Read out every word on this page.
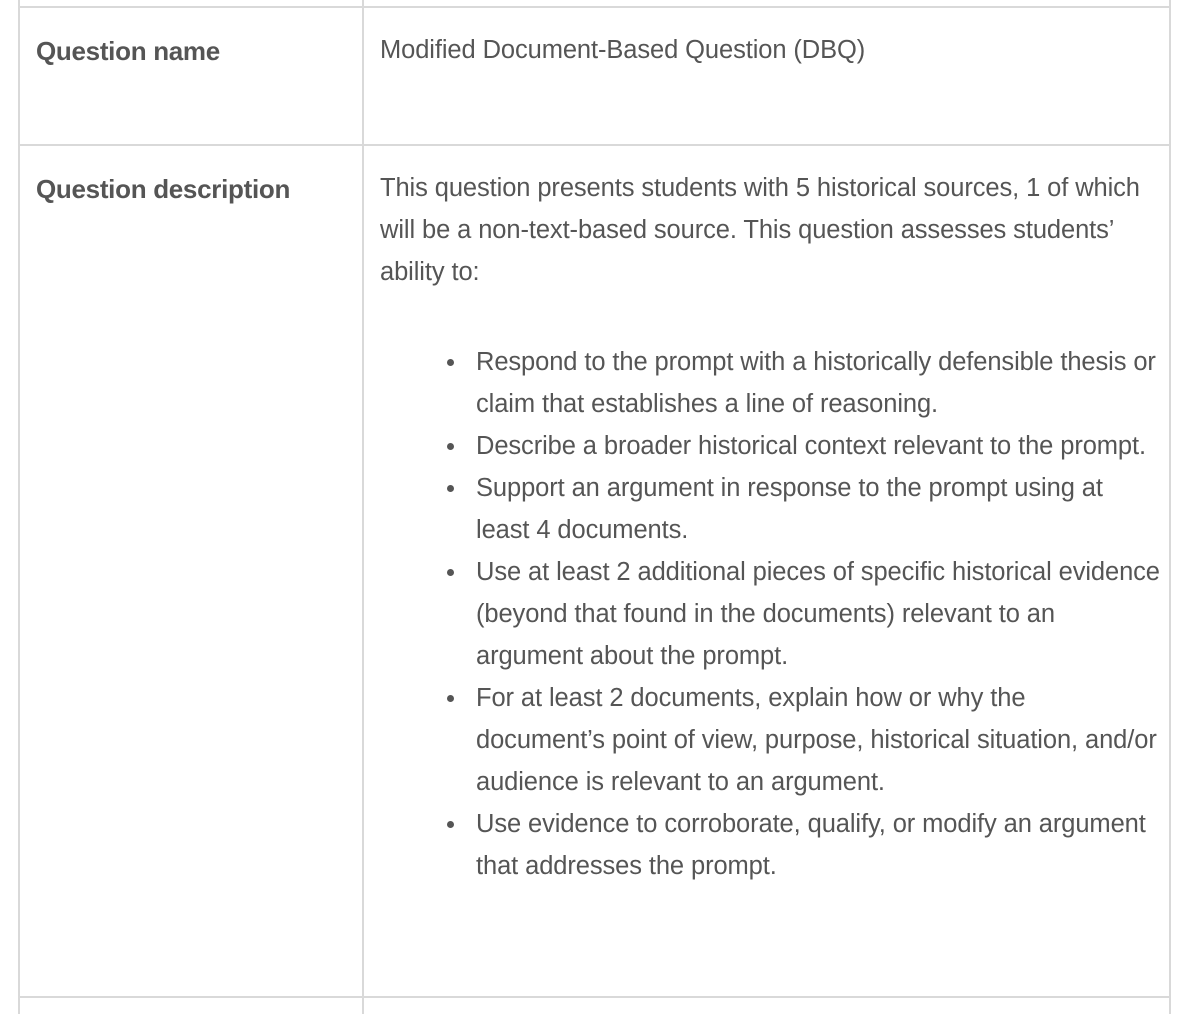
Question name	Modified Document-Based Question (DBQ)
Question description	This question presents students with 5 historical sources, 1 of which will be a non-text-based source. This question assesses students’ ability to:

Respond to the prompt with a historically defensible thesis or claim that establishes a line of reasoning.
Describe a broader historical context relevant to the prompt.
Support an argument in response to the prompt using at least 4 documents.
Use at least 2 additional pieces of specific historical evidence (beyond that found in the documents) relevant to an argument about the prompt.
For at least 2 documents, explain how or why the document’s point of view, purpose, historical situation, and/or audience is relevant to an argument.
Use evidence to corroborate, qualify, or modify an argument that addresses the prompt.
